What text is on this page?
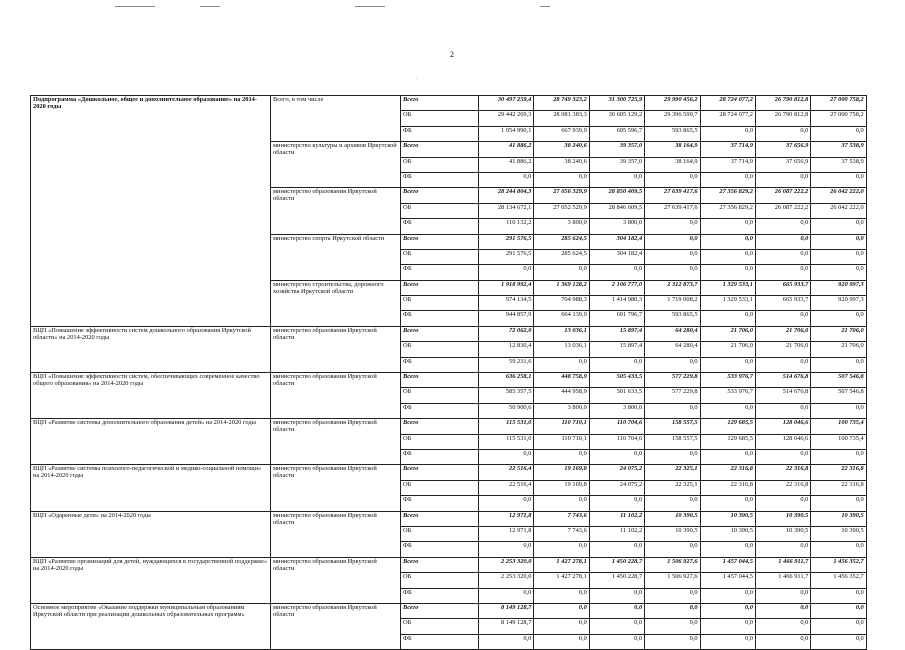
2
·
Подпрограмма «Дошкольное, общее и дополнительное образование» на 2014-2020 годы	Всего, в том числе	Всего	30 497 259,4	28 749 323,2	31 300 725,9	29 990 456,2	28 724 077,2	26 790 812,8	27 000 758,2
		ОБ	29 442 269,3	28 081 383,3	30 605 129,2	29 396 590,7	28 724 077,2	26 790 812,8	27 000 758,2
		ФБ	1 054 990,1	667 939,9	695 596,7	593 865,5	0,0	0,0	0,0
	министерство культуры и архивов Иркутской области	Всего	41 886,2	38 240,6	39 357,0	38 164,9	37 714,9	37 656,9	37 538,9
		ОБ	41 886,2	38 240,6	39 357,0	38 164,9	37 714,9	37 656,9	37 538,9
		ФБ	0,0	0,0	0,0	0,0	0,0	0,0	0,0
	министерство образования Иркутской области	Всего	28 244 804,3	27 056 329,9	28 850 409,5	27 639 417,6	27 356 829,2	26 087 222,2	26 042 222,0
		ОБ	28 134 672,1	27 052 529,9	28 846 609,5	27 639 417,6	27 356 829,2	26 087 222,2	26 042 222,0
		ФБ	110 132,2	3 800,0	3 800,0	0,0	0,0	0,0	0,0
	министерство спорта Иркутской области	Всего	291 576,5	285 624,5	304 182,4	0,0	0,0	0,0	0,0
		ОБ	291 576,5	285 624,5	304 182,4	0,0	0,0	0,0	0,0
		ФБ	0,0	0,0	0,0	0,0	0,0	0,0	0,0
	министерство строительства, дорожного хозяйства Иркутской области	Всего	1 918 992,4	1 369 128,2	2 106 777,0	2 312 873,7	1 329 533,1	665 933,7	920 997,3
		ОБ	974 134,5	704 988,3	1 414 980,3	1 719 008,2	1 329 533,1	665 933,7	920 997,3
		ФБ	944 857,9	664 139,9	691 796,7	593 865,5	0,0	0,0	0,0
ВЦП «Повышение эффективности систем дошкольного образования Иркутской области» на 2014-2020 годы	министерство образования Иркутской области	Всего	72 062,0	13 036,1	15 897,4	64 280,4	21 706,0	21 706,0	21 706,0
		ОБ	12 830,4	13 036,1	15 897,4	64 280,4	21 706,0	21 706,0	21 706,0
		ФБ	59 231,6	0,0	0,0	0,0	0,0	0,0	0,0
ВЦП «Повышение эффективности систем, обеспечивающих современное качество общего образования» на 2014-2020 годы	министерство образования Иркутской области	Всего	636 258,1	448 758,9	505 433,5	577 229,8	533 976,7	514 676,8	507 546,8
		ОБ	585 357,5	444 958,9	501 633,5	577 229,8	533 976,7	514 676,8	507 546,8
		ФБ	50 900,6	3 800,0	3 800,0	0,0	0,0	0,0	0,0
ВЦП «Развитие системы дополнительного образования детей» на 2014-2020 годы	министерство образования Иркутской области	Всего	115 531,0	110 710,1	110 704,6	158 557,5	129 685,5	128 046,6	100 735,4
		ОБ	115 531,0	110 710,1	110 704,6	158 557,5	129 685,5	128 046,6	100 735,4
		ФБ	0,0	0,0	0,0	0,0	0,0	0,0	0,0
ВЦП «Развитие системы психолого-педагогической и медико-социальной помощи» на 2014-2020 годы	министерство образования Иркутской области	Всего	22 516,4	19 169,8	24 075,2	22 325,1	22 316,8	22 316,8	22 316,8
		ОБ	22 516,4	19 169,8	24 075,2	22 325,1	22 316,8	22 316,8	22 316,8
		ФБ	0,0	0,0	0,0	0,0	0,0	0,0	0,0
ВЦП «Одаренные дети» на 2014-2020 годы	министерство образования Иркутской области	Всего	12 971,8	7 743,6	11 102,2	10 390,5	10 390,5	10 390,5	10 390,5
		ОБ	12 971,8	7 743,6	11 102,2	10 390,5	10 390,5	10 390,5	10 390,5
		ФБ	0,0	0,0	0,0	0,0	0,0	0,0	0,0
ВЦП «Развитие организаций для детей, нуждающихся в государственной поддержке» на 2014-2020 годы	министерство образования Иркутской области	Всего	2 253 320,0	1 427 278,1	1 450 228,7	1 506 927,6	1 457 044,5	1 466 911,7	1 456 352,7
		ОБ	2 253 320,0	1 427 278,1	1 450 228,7	1 506 927,6	1 457 044,5	1 466 911,7	1 456 352,7
		ФБ	0,0	0,0	0,0	0,0	0,0	0,0	0,0
Основное мероприятие «Оказание поддержки муниципальным образованиям Иркутской области при реализации дошкольных образовательных программ»	министерство образования Иркутской области	Всего	8 149 128,7	0,0	0,0	0,0	0,0	0,0	0,0
		ОБ	8 149 128,7	0,0	0,0	0,0	0,0	0,0	0,0
		ФБ	0,0	0,0	0,0	0,0	0,0	0,0	0,0
